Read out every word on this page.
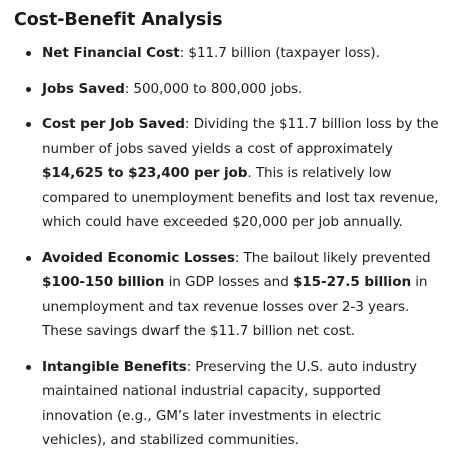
Cost-Benefit Analysis
Net Financial Cost: $11.7 billion (taxpayer loss).
Jobs Saved: 500,000 to 800,000 jobs.
Cost per Job Saved: Dividing the $11.7 billion loss by the number of jobs saved yields a cost of approximately $14,625 to $23,400 per job. This is relatively low compared to unemployment benefits and lost tax revenue, which could have exceeded $20,000 per job annually.
Avoided Economic Losses: The bailout likely prevented $100-150 billion in GDP losses and $15-27.5 billion in unemployment and tax revenue losses over 2-3 years. These savings dwarf the $11.7 billion net cost.
Intangible Benefits: Preserving the U.S. auto industry maintained national industrial capacity, supported innovation (e.g., GM’s later investments in electric vehicles), and stabilized communities.
